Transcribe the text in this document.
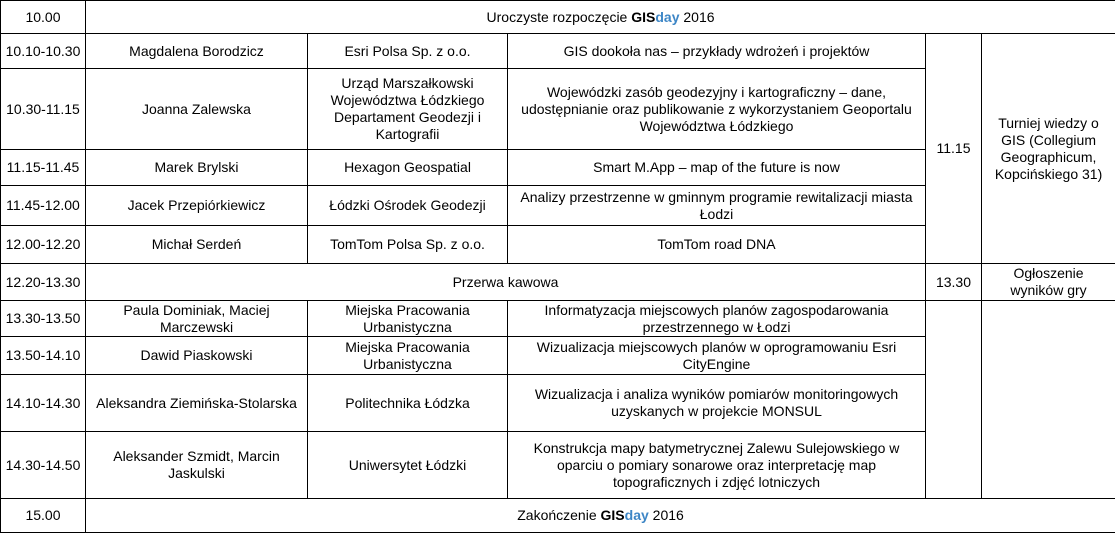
10.00	Uroczyste rozpoczęcie GISday 2016				
10.10-10.30	Magdalena Borodzicz	Esri Polsa Sp. z o.o.	GIS dookoła nas – przykłady wdrożeń i projektów	11.15	Turniej wiedzy o GIS (Collegium Geographicum, Kopcińskiego 31)
10.30-11.15	Joanna Zalewska	Urząd Marszałkowski Województwa Łódzkiego Departament Geodezji i Kartografii	Wojewódzki zasób geodezyjny i kartograficzny – dane, udostępnianie oraz publikowanie z wykorzystaniem Geoportalu Województwa Łódzkiego		
11.15-11.45	Marek Brylski	Hexagon Geospatial	Smart M.App – map of the future is now		
11.45-12.00	Jacek Przepiórkiewicz	Łódzki Ośrodek Geodezji	Analizy przestrzenne w gminnym programie rewitalizacji miasta Łodzi		
12.00-12.20	Michał Serdeń	TomTom Polsa Sp. z o.o.	TomTom road DNA		
12.20-13.30	Przerwa kawowa			13.30	Ogłoszenie wyników gry
13.30-13.50	Paula Dominiak, Maciej Marczewski	Miejska Pracowania Urbanistyczna	Informatyzacja miejscowych planów zagospodarowania przestrzennego w Łodzi		
13.50-14.10	Dawid Piaskowski	Miejska Pracowania Urbanistyczna	Wizualizacja miejscowych planów w oprogramowaniu Esri CityEngine		
14.10-14.30	Aleksandra Ziemińska-Stolarska	Politechnika Łódzka	Wizualizacja i analiza wyników pomiarów monitoringowych uzyskanych w projekcie MONSUL		
14.30-14.50	Aleksander Szmidt, Marcin Jaskulski	Uniwersytet Łódzki	Konstrukcja mapy batymetrycznej Zalewu Sulejowskiego w oparciu o pomiary sonarowe oraz interpretację map topograficznych i zdjęć lotniczych		
15.00	Zakończenie GISday 2016				
